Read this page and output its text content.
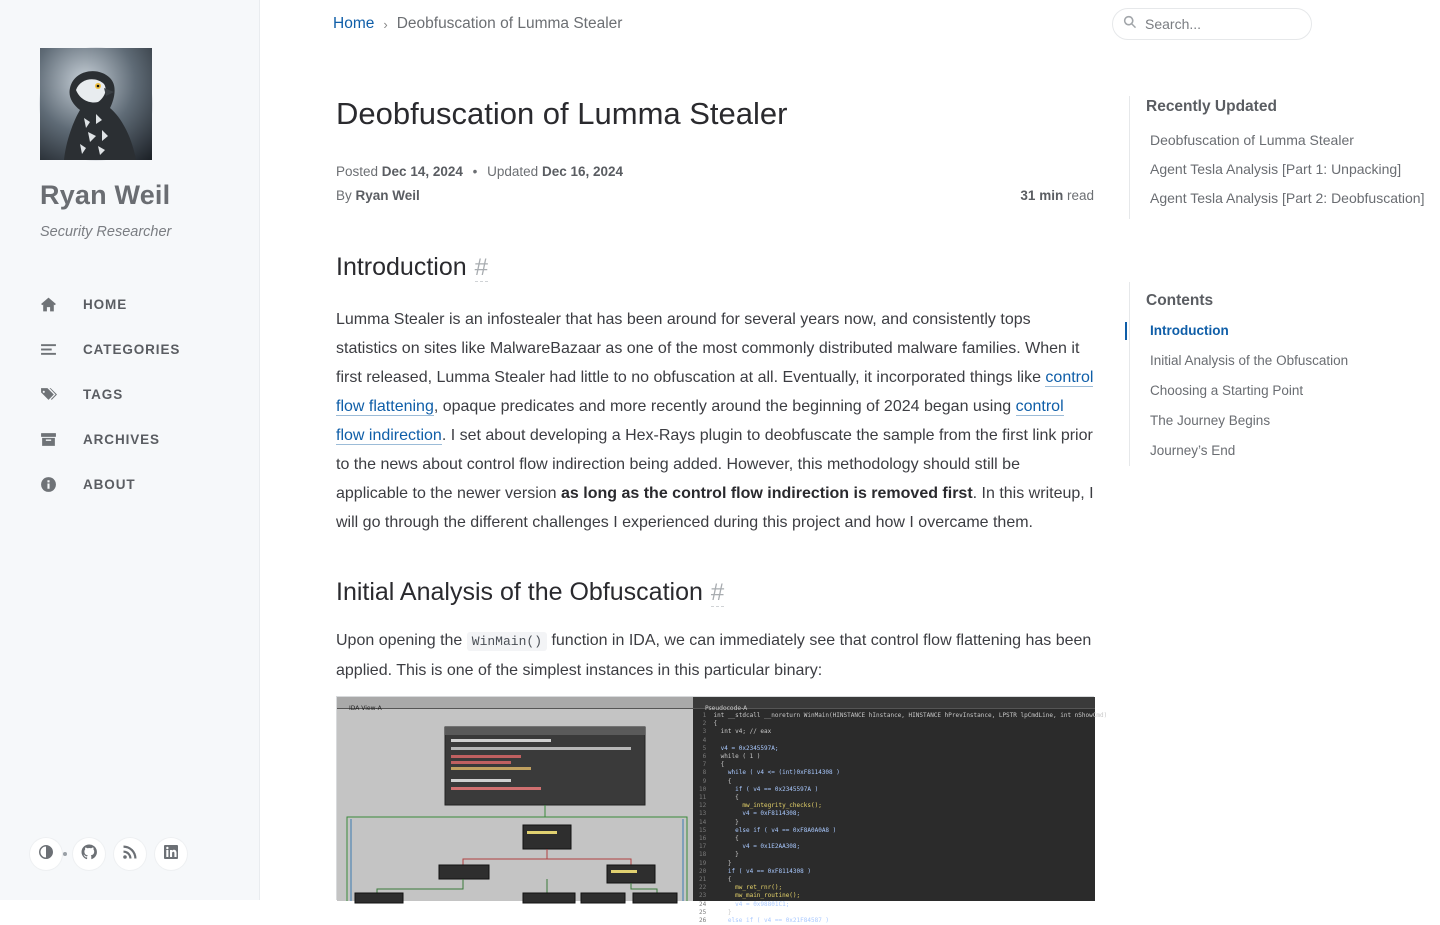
Ryan Weil
Security Researcher
HOME
CATEGORIES
TAGS
ARCHIVES
ABOUT
Home › Deobfuscation of Lumma Stealer
Search...
Deobfuscation of Lumma Stealer
Posted Dec 14, 2024 • Updated Dec 16, 2024
By Ryan Weil	31 min read
Introduction #

Lumma Stealer is an infostealer that has been around for several years now, and consistently tops statistics on sites like MalwareBazaar as one of the most commonly distributed malware families. When it first released, Lumma Stealer had little to no obfuscation at all. Eventually, it incorporated things like control flow flattening, opaque predicates and more recently around the beginning of 2024 began using control flow indirection. I set about developing a Hex-Rays plugin to deobfuscate the sample from the first link prior to the news about control flow indirection being added. However, this methodology should still be applicable to the newer version as long as the control flow indirection is removed first. In this writeup, I will go through the different challenges I experienced during this project and how I overcame them.

Initial Analysis of the Obfuscation #

Upon opening the WinMain() function in IDA, we can immediately see that control flow flattening has been applied. This is one of the simplest instances in this particular binary:

IDA View-A	Pseudocode-A
1  int __stdcall __noreturn WinMain(HINSTANCE hInstance, HINSTANCE hPrevInstance, LPSTR lpCmdLine, int nShowCmd)
2  {
3    int v4; // eax
4
5    v4 = 0x2345597A;
6    while ( 1 )
7    {
8      while ( v4 <= (int)0xF8114308 )
9      {
10        if ( v4 == 0x2345597A )
11        {
12          mw_integrity_checks();
13          v4 = 0xF8114308;
14        }
15        else if ( v4 == 0xF8A0A0A8 )
16        {
17          v4 = 0x1E2AA308;
18        }
19      }
20      if ( v4 == 0xF8114308 )
21      {
22        mw_ret_rnr();
23        mw_main_routine();
24        v4 = 0x98801C1;
25      }
26      else if ( v4 == 0x21F84587 )
Recently Updated
Deobfuscation of Lumma Stealer
Agent Tesla Analysis [Part 1: Unpacking]
Agent Tesla Analysis [Part 2: Deobfuscation]
Contents
Introduction
Initial Analysis of the Obfuscation
Choosing a Starting Point
The Journey Begins
Journey’s End
